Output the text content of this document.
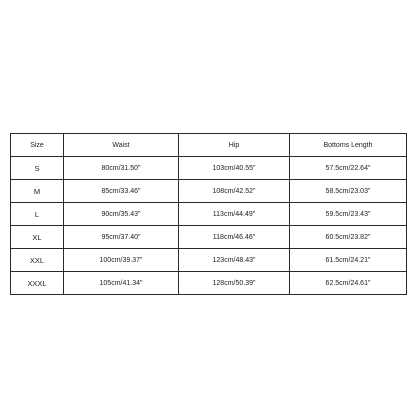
Size	Waist	Hip	Bottoms Length
S	80cm/31.50"	103cm/40.55"	57.5cm/22.64"
M	85cm/33.46"	108cm/42.52"	58.5cm/23.03"
L	90cm/35.43"	113cm/44.49"	59.5cm/23.43"
XL	95cm/37.40"	118cm/46.46"	60.5cm/23.82"
XXL	100cm/39.37"	123cm/48.43"	61.5cm/24.21"
XXXL	105cm/41.34"	128cm/50.39"	62.5cm/24.61"
